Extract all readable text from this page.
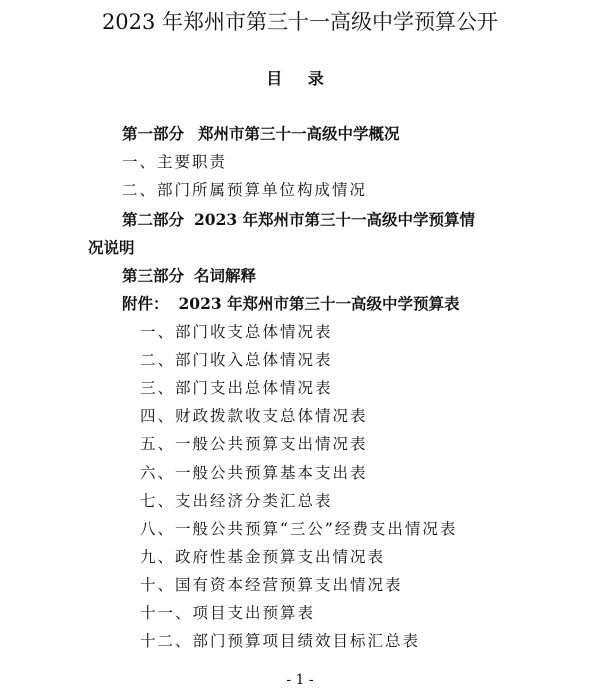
2023 年郑州市第三十一高级中学预算公开
目 录
第一部分 郑州市第三十一高级中学概况
一、主要职责
二、部门所属预算单位构成情况
第二部分 2023 年郑州市第三十一高级中学预算情
况说明
第三部分 名词解释
附件： 2023 年郑州市第三十一高级中学预算表
一、部门收支总体情况表
二、部门收入总体情况表
三、部门支出总体情况表
四、财政拨款收支总体情况表
五、一般公共预算支出情况表
六、一般公共预算基本支出表
七、支出经济分类汇总表
八、一般公共预算“三公”经费支出情况表
九、政府性基金预算支出情况表
十、国有资本经营预算支出情况表
十一、项目支出预算表
十二、部门预算项目绩效目标汇总表
- 1 -
